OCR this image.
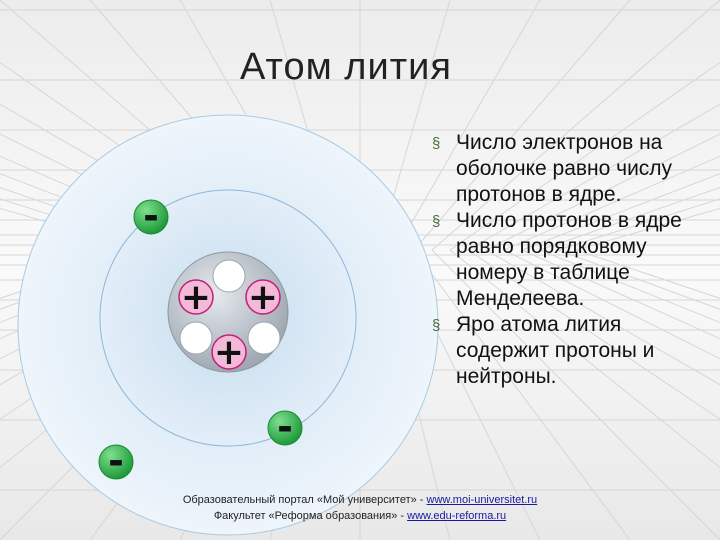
Атом лития
+ +
+
-
-
-
§ Число электронов на оболочке равно числу протонов в ядре.
§ Число протонов в ядре равно порядковому номеру в таблице Менделеева.
§ Яро атома лития содержит протоны и нейтроны.
Образовательный портал «Мой университет» - www.moi-universitet.ru
Факультет «Реформа образования» - www.edu-reforma.ru
